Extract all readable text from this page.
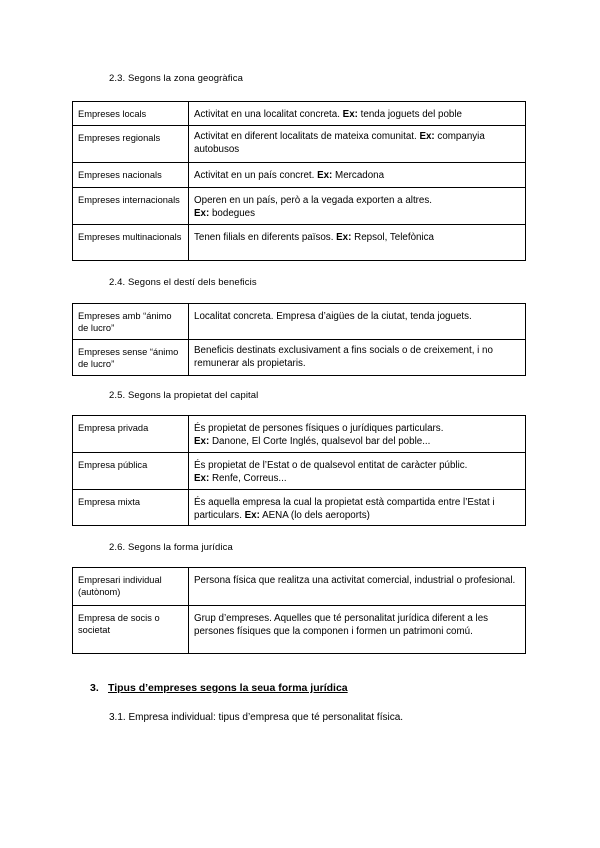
2.3. Segons la zona geogràfica
Empreses locals	Activitat en una localitat concreta. Ex: tenda joguets del poble
Empreses regionals	Activitat en diferent localitats de mateixa comunitat. Ex: companyia autobusos
Empreses nacionals	Activitat en un país concret. Ex: Mercadona
Empreses internacionals	Operen en un país, però a la vegada exporten a altres.
Ex: bodegues
Empreses multinacionals	Tenen filials en diferents països. Ex: Repsol, Telefònica
2.4. Segons el destí dels beneficis
Empreses amb “ánimo de lucro”	Localitat concreta. Empresa d’aigües de la ciutat, tenda joguets.
Empreses sense “ánimo de lucro”	Beneficis destinats exclusivament a fins socials o de creixement, i no remunerar als propietaris.
2.5. Segons la propietat del capital
Empresa privada	És propietat de persones físiques o jurídiques particulars.
Ex: Danone, El Corte Inglés, qualsevol bar del poble...
Empresa pública	És propietat de l’Estat o de qualsevol entitat de caràcter públic.
Ex: Renfe, Correus...
Empresa mixta	És aquella empresa la cual la propietat està compartida entre l’Estat i particulars. Ex: AENA (lo dels aeroports)
2.6. Segons la forma jurídica
Empresari individual (autònom)	Persona física que realitza una activitat comercial, industrial o profesional.
Empresa de socis o societat	Grup d’empreses. Aquelles que té personalitat jurídica diferent a les persones físiques que la componen i formen un patrimoni comú.
3. Tipus d’empreses segons la seua forma jurídica
3.1. Empresa individual: tipus d’empresa que té personalitat física.
